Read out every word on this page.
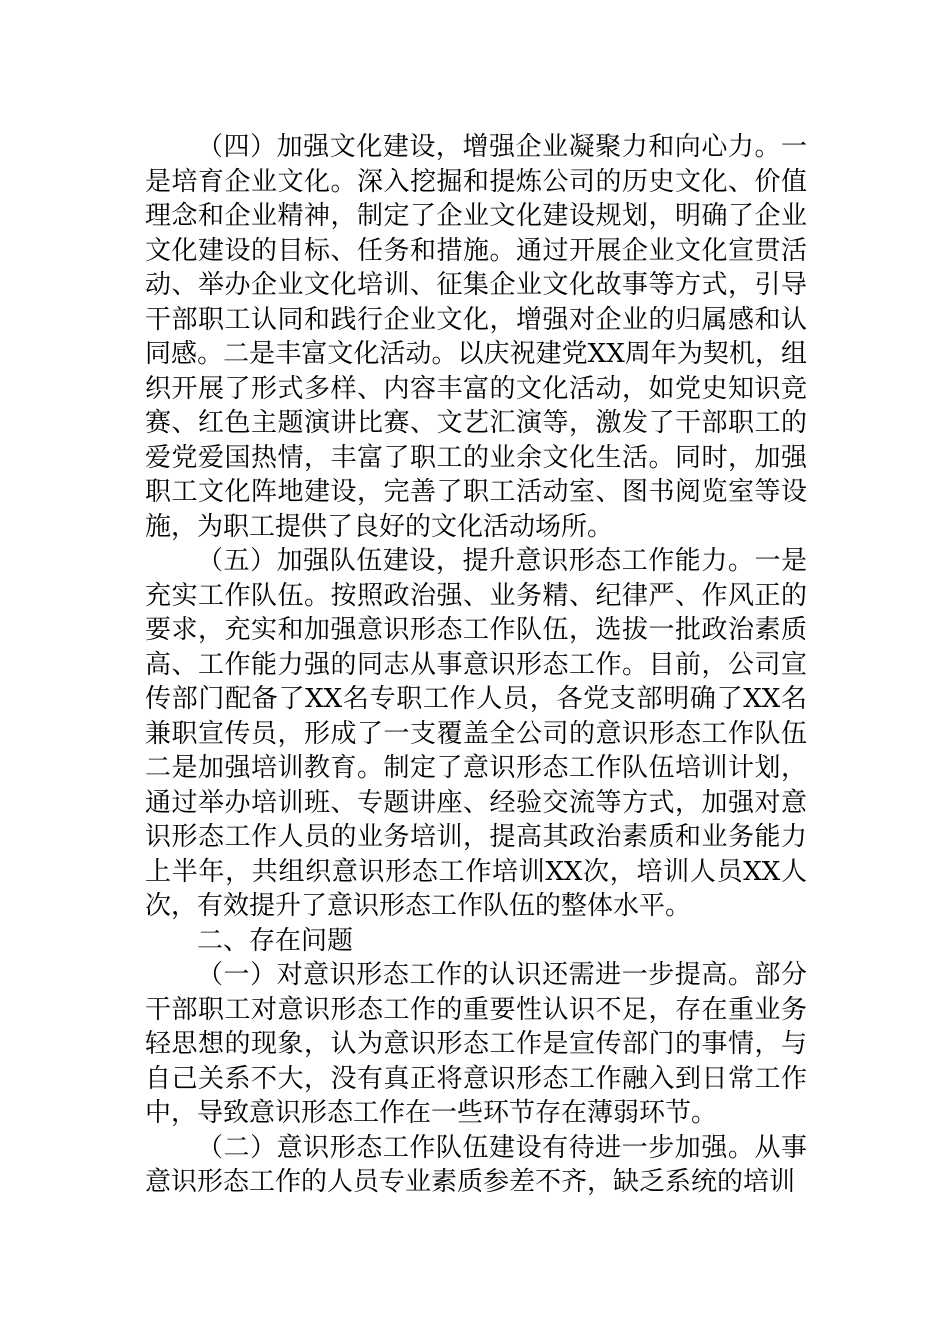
（四）加强文化建设，增强企业凝聚力和向心力。一是培育企业文化。深入挖掘和提炼公司的历史文化、价值理念和企业精神，制定了企业文化建设规划，明确了企业文化建设的目标、任务和措施。通过开展企业文化宣贯活动、举办企业文化培训、征集企业文化故事等方式，引导干部职工认同和践行企业文化，增强对企业的归属感和认同感。二是丰富文化活动。以庆祝建党XX周年为契机，组织开展了形式多样、内容丰富的文化活动，如党史知识竞赛、红色主题演讲比赛、文艺汇演等，激发了干部职工的爱党爱国热情，丰富了职工的业余文化生活。同时，加强职工文化阵地建设，完善了职工活动室、图书阅览室等设施，为职工提供了良好的文化活动场所。

（五）加强队伍建设，提升意识形态工作能力。一是充实工作队伍。按照政治强、业务精、纪律严、作风正的要求，充实和加强意识形态工作队伍，选拔一批政治素质高、工作能力强的同志从事意识形态工作。目前，公司宣传部门配备了XX名专职工作人员，各党支部明确了XX名兼职宣传员，形成了一支覆盖全公司的意识形态工作队伍二是加强培训教育。制定了意识形态工作队伍培训计划，通过举办培训班、专题讲座、经验交流等方式，加强对意识形态工作人员的业务培训，提高其政治素质和业务能力上半年，共组织意识形态工作培训XX次，培训人员XX人次，有效提升了意识形态工作队伍的整体水平。

二、存在问题

（一）对意识形态工作的认识还需进一步提高。部分干部职工对意识形态工作的重要性认识不足，存在重业务轻思想的现象，认为意识形态工作是宣传部门的事情，与自己关系不大，没有真正将意识形态工作融入到日常工作中，导致意识形态工作在一些环节存在薄弱环节。

（二）意识形态工作队伍建设有待进一步加强。从事意识形态工作的人员专业素质参差不齐，缺乏系统的培训
